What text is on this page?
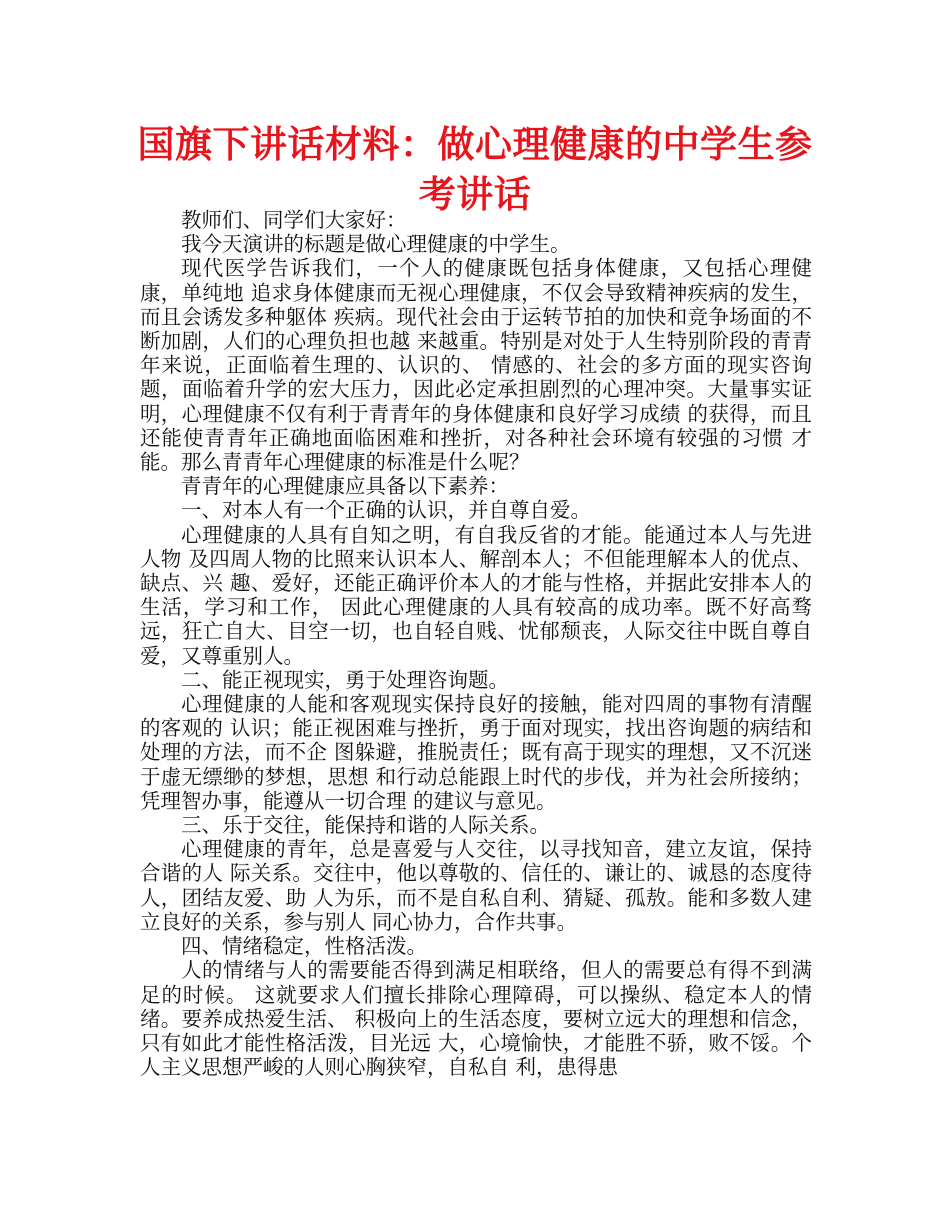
国旗下讲话材料：做心理健康的中学生参考讲话

教师们、同学们大家好：

我今天演讲的标题是做心理健康的中学生。

现代医学告诉我们，一个人的健康既包括身体健康，又包括心理健康，单纯地 追求身体健康而无视心理健康，不仅会导致精神疾病的发生，而且会诱发多种躯体 疾病。现代社会由于运转节拍的加快和竞争场面的不断加剧，人们的心理负担也越 来越重。特别是对处于人生特别阶段的青青年来说，正面临着生理的、认识的、 情感的、社会的多方面的现实咨询题，面临着升学的宏大压力，因此必定承担剧烈的心理冲突。大量事实证明，心理健康不仅有利于青青年的身体健康和良好学习成绩 的获得，而且还能使青青年正确地面临困难和挫折，对各种社会环境有较强的习惯 才能。那么青青年心理健康的标准是什么呢？

青青年的心理健康应具备以下素养：

一、对本人有一个正确的认识，并自尊自爱。

心理健康的人具有自知之明，有自我反省的才能。能通过本人与先进人物 及四周人物的比照来认识本人、解剖本人；不但能理解本人的优点、缺点、兴 趣、爱好，还能正确评价本人的才能与性格，并据此安排本人的生活，学习和工作， 因此心理健康的人具有较高的成功率。既不好高骛远，狂亡自大、目空一切，也自轻自贱、忧郁颓丧，人际交往中既自尊自爱，又尊重别人。

二、能正视现实，勇于处理咨询题。

心理健康的人能和客观现实保持良好的接触，能对四周的事物有清醒的客观的 认识；能正视困难与挫折，勇于面对现实，找出咨询题的病结和处理的方法，而不企 图躲避，推脱责任；既有高于现实的理想，又不沉迷于虚无缥缈的梦想，思想 和行动总能跟上时代的步伐，并为社会所接纳；凭理智办事，能遵从一切合理 的建议与意见。

三、乐于交往，能保持和谐的人际关系。

心理健康的青年，总是喜爱与人交往，以寻找知音，建立友谊，保持合谐的人 际关系。交往中，他以尊敬的、信任的、谦让的、诚恳的态度待人，团结友爱、助 人为乐，而不是自私自利、猜疑、孤敖。能和多数人建立良好的关系，参与别人 同心协力，合作共事。

四、情绪稳定，性格活泼。

人的情绪与人的需要能否得到满足相联络，但人的需要总有得不到满足的时候。 这就要求人们擅长排除心理障碍，可以操纵、稳定本人的情绪。要养成热爱生活、 积极向上的生活态度，要树立远大的理想和信念，只有如此才能性格活泼，目光远 大，心境愉快，才能胜不骄，败不馁。个人主义思想严峻的人则心胸狭窄，自私自 利，患得患
